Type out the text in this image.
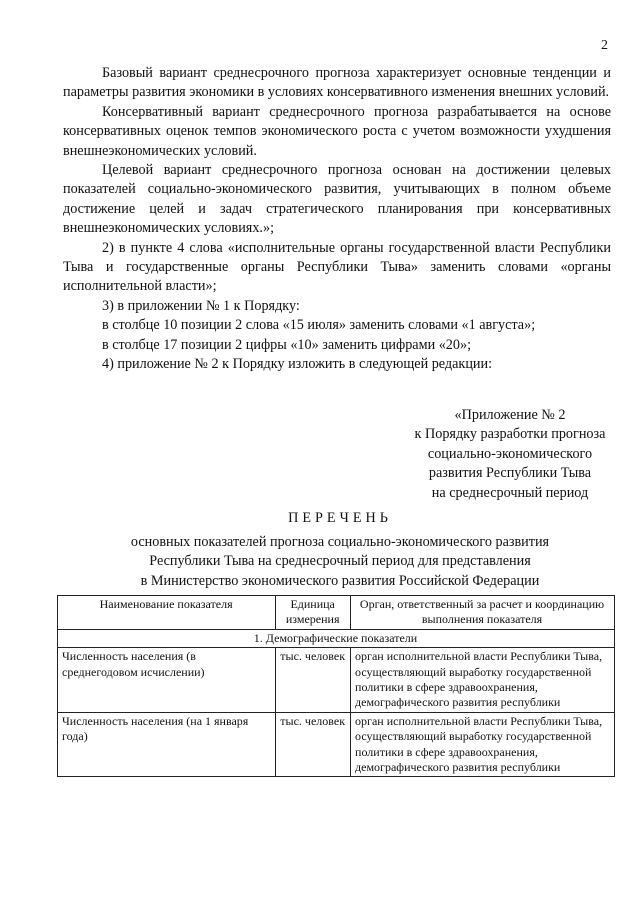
2

Базовый вариант среднесрочного прогноза характеризует основные тенденции и параметры развития экономики в условиях консервативного изменения внешних условий.

Консервативный вариант среднесрочного прогноза разрабатывается на основе консервативных оценок темпов экономического роста с учетом возможности ухудшения внешнеэкономических условий.

Целевой вариант среднесрочного прогноза основан на достижении целевых показателей социально-экономического развития, учитывающих в полном объеме достижение целей и задач стратегического планирования при консервативных внешнеэкономических условиях.»;

2) в пункте 4 слова «исполнительные органы государственной власти Республики Тыва и государственные органы Республики Тыва» заменить словами «органы исполнительной власти»;

3) в приложении № 1 к Порядку:

в столбце 10 позиции 2 слова «15 июля» заменить словами «1 августа»;

в столбце 17 позиции 2 цифры «10» заменить цифрами «20»;

4) приложение № 2 к Порядку изложить в следующей редакции:

«Приложение № 2
к Порядку разработки прогноза
социально-экономического
развития Республики Тыва
на среднесрочный период
ПЕРЕЧЕНЬ
основных показателей прогноза социально-экономического развития
Республики Тыва на среднесрочный период для представления
в Министерство экономического развития Российской Федерации
Наименование показателя	Единица измерения	Орган, ответственный за расчет и координацию выполнения показателя
1. Демографические показатели		
Численность населения (в среднегодовом исчислении)	тыс. человек	орган исполнительной власти Республики Тыва, осуществляющий выработку государственной политики в сфере здравоохранения, демографического развития республики
Численность населения (на 1 января года)	тыс. человек	орган исполнительной власти Республики Тыва, осуществляющий выработку государственной политики в сфере здравоохранения, демографического развития республики
